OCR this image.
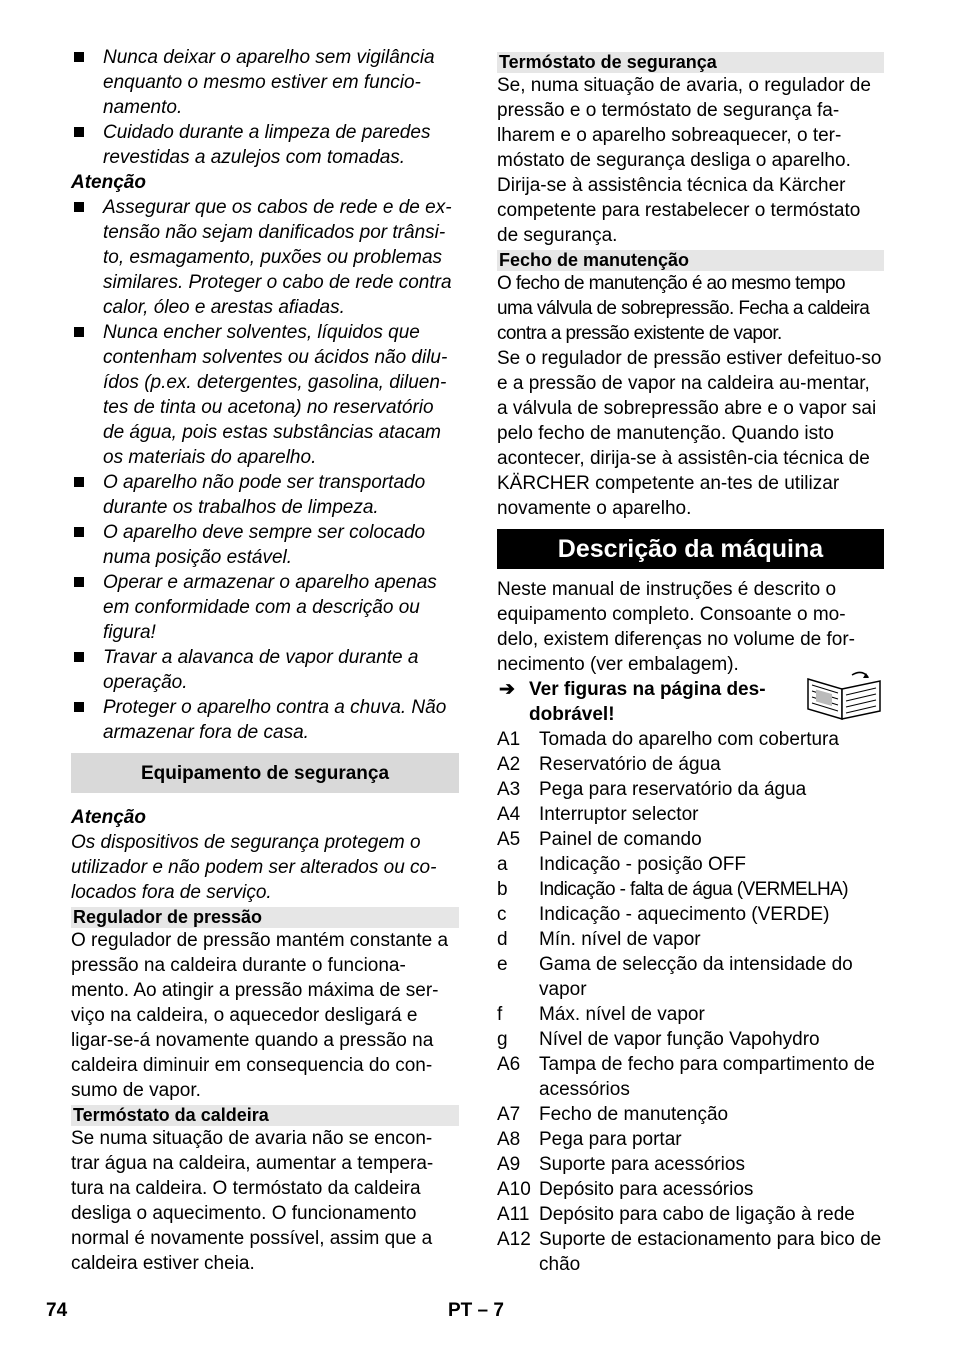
Nunca deixar o aparelho sem vigilância enquanto o mesmo estiver em funcio-namento.
Cuidado durante a limpeza de paredes revestidas a azulejos com tomadas.
Atenção
Assegurar que os cabos de rede e de ex-tensão não sejam danificados por trânsi-to, esmagamento, puxões ou problemas similares. Proteger o cabo de rede contra calor, óleo e arestas afiadas.
Nunca encher solventes, líquidos que contenham solventes ou ácidos não dilu-ídos (p.ex. detergentes, gasolina, diluen-tes de tinta ou acetona) no reservatório de água, pois estas substâncias atacam os materiais do aparelho.
O aparelho não pode ser transportado durante os trabalhos de limpeza.
O aparelho deve sempre ser colocado numa posição estável.
Operar e armazenar o aparelho apenas em conformidade com a descrição ou figura!
Travar a alavanca de vapor durante a operação.
Proteger o aparelho contra a chuva. Não armazenar fora de casa.
Equipamento de segurança
Atenção
Os dispositivos de segurança protegem o utilizador e não podem ser alterados ou co-locados fora de serviço.
Regulador de pressão
O regulador de pressão mantém constante a pressão na caldeira durante o funciona-mento. Ao atingir a pressão máxima de ser-viço na caldeira, o aquecedor desligará e ligar-se-á novamente quando a pressão na caldeira diminuir em consequencia do con-sumo de vapor.
Termóstato da caldeira
Se numa situação de avaria não se encon-trar água na caldeira, aumentar a tempera-tura na caldeira. O termóstato da caldeira desliga o aquecimento. O funcionamento normal é novamente possível, assim que a caldeira estiver cheia.
Termóstato de segurança
Se, numa situação de avaria, o regulador de pressão e o termóstato de segurança fa-lharem e o aparelho sobreaquecer, o ter-móstato de segurança desliga o aparelho. Dirija-se à assistência técnica da Kärcher competente para restabelecer o termóstato de segurança.
Fecho de manutenção
O fecho de manutenção é ao mesmo tempo uma válvula de sobrepressão. Fecha a caldeira contra a pressão existente de vapor.
Se o regulador de pressão estiver defeituo-so e a pressão de vapor na caldeira au-mentar, a válvula de sobrepressão abre e o vapor sai pelo fecho de manutenção. Quando isto acontecer, dirija-se à assistên-cia técnica de KÄRCHER competente an-tes de utilizar novamente o aparelho.
Descrição da máquina
Neste manual de instruções é descrito o equipamento completo. Consoante o mo-delo, existem diferenças no volume de for-necimento (ver embalagem).
➔ Ver figuras na página des-dobrável!
A1 Tomada do aparelho com cobertura
A2 Reservatório de água
A3 Pega para reservatório da água
A4 Interruptor selector
A5 Painel de comando
a	Indicação - posição OFF
b	Indicação - falta de água (VERMELHA)
c	Indicação - aquecimento (VERDE)
d	Mín. nível de vapor
e	Gama de selecção da intensidade do vapor
f	Máx. nível de vapor
g	Nível de vapor função Vapohydro
A6 Tampa de fecho para compartimento de acessórios
A7 Fecho de manutenção
A8 Pega para portar
A9 Suporte para acessórios
A10 Depósito para acessórios
A11 Depósito para cabo de ligação à rede
A12 Suporte de estacionamento para bico de chão
74	PT – 7
